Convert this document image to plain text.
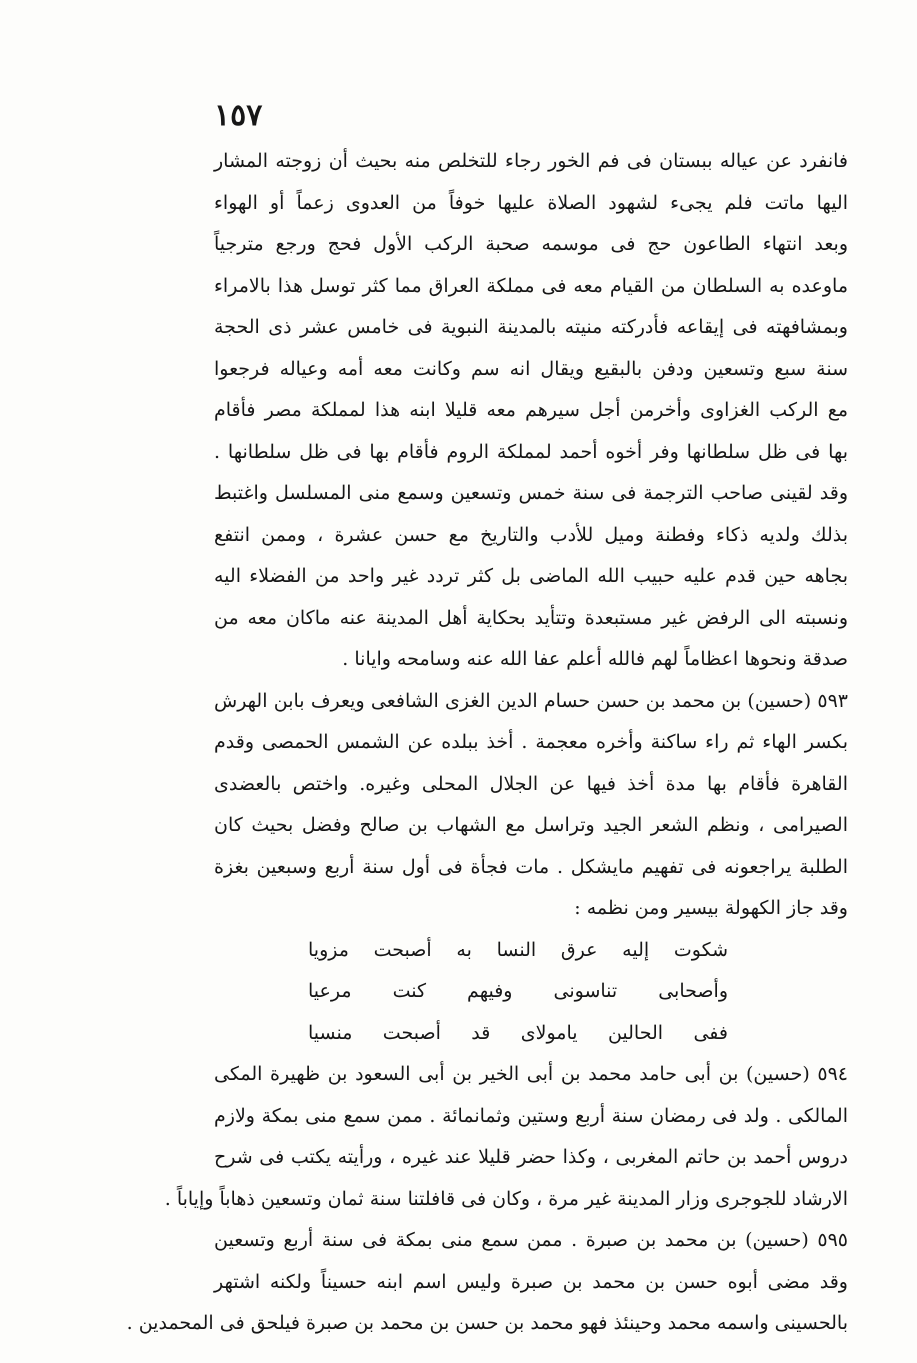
١٥٧
فانفرد عن عياله ببستان فى فم الخور رجاء للتخلص منه بحيث أن زوجته المشار
اليها ماتت فلم يجىء لشهود الصلاة عليها خوفاً من العدوى زعماً أو الهواء
وبعد انتهاء الطاعون حج فى موسمه صحبة الركب الأول فحج ورجع مترجياً
ماوعده به السلطان من القيام معه فى مملكة العراق مما كثر توسل هذا بالامراء
وبمشافهته فى إيقاعه فأدركته منيته بالمدينة النبوية فى خامس عشر ذى الحجة
سنة سبع وتسعين ودفن بالبقيع ويقال انه سم وكانت معه أمه وعياله فرجعوا
مع الركب الغزاوى وأخرمن أجل سيرهم معه قليلا ابنه هذا لمملكة مصر فأقام
بها فى ظل سلطانها وفر أخوه أحمد لمملكة الروم فأقام بها فى ظل سلطانها .
وقد لقينى صاحب الترجمة فى سنة خمس وتسعين وسمع منى المسلسل واغتبط
بذلك ولديه ذكاء وفطنة وميل للأدب والتاريخ مع حسن عشرة ، وممن انتفع
بجاهه حين قدم عليه حبيب الله الماضى بل كثر تردد غير واحد من الفضلاء اليه
ونسبته الى الرفض غير مستبعدة وتتأيد بحكاية أهل المدينة عنه ماكان معه من
صدقة ونحوها اعظاماً لهم فالله أعلم عفا الله عنه وسامحه وايانا .
٥٩٣ (حسين) بن محمد بن حسن حسام الدين الغزى الشافعى ويعرف بابن الهرش
بكسر الهاء ثم راء ساكنة وأخره معجمة . أخذ ببلده عن الشمس الحمصى وقدم
القاهرة فأقام بها مدة أخذ فيها عن الجلال المحلى وغيره. واختص بالعضدى
الصيرامى ، ونظم الشعر الجيد وتراسل مع الشهاب بن صالح وفضل بحيث كان
الطلبة يراجعونه فى تفهيم مايشكل . مات فجأة فى أول سنة أربع وسبعين بغزة
وقد جاز الكهولة بيسير ومن نظمه :
شكوت إليه عرق النسا به أصبحت مزويا
وأصحابى تناسونى وفيهم كنت مرعيا
ففى الحالين يامولاى قد أصبحت منسيا
٥٩٤ (حسين) بن أبى حامد محمد بن أبى الخير بن أبى السعود بن ظهيرة المكى
المالكى . ولد فى رمضان سنة أربع وستين وثمانمائة . ممن سمع منى بمكة ولازم
دروس أحمد بن حاتم المغربى ، وكذا حضر قليلا عند غيره ، ورأيته يكتب فى شرح
الارشاد للجوجرى وزار المدينة غير مرة ، وكان فى قافلتنا سنة ثمان وتسعين ذهاباً وإياباً .
٥٩٥ (حسين) بن محمد بن صبرة . ممن سمع منى بمكة فى سنة أربع وتسعين
وقد مضى أبوه حسن بن محمد بن صبرة وليس اسم ابنه حسيناً ولكنه اشتهر
بالحسينى واسمه محمد وحينئذ فهو محمد بن حسن بن محمد بن صبرة فيلحق فى المحمدين .
